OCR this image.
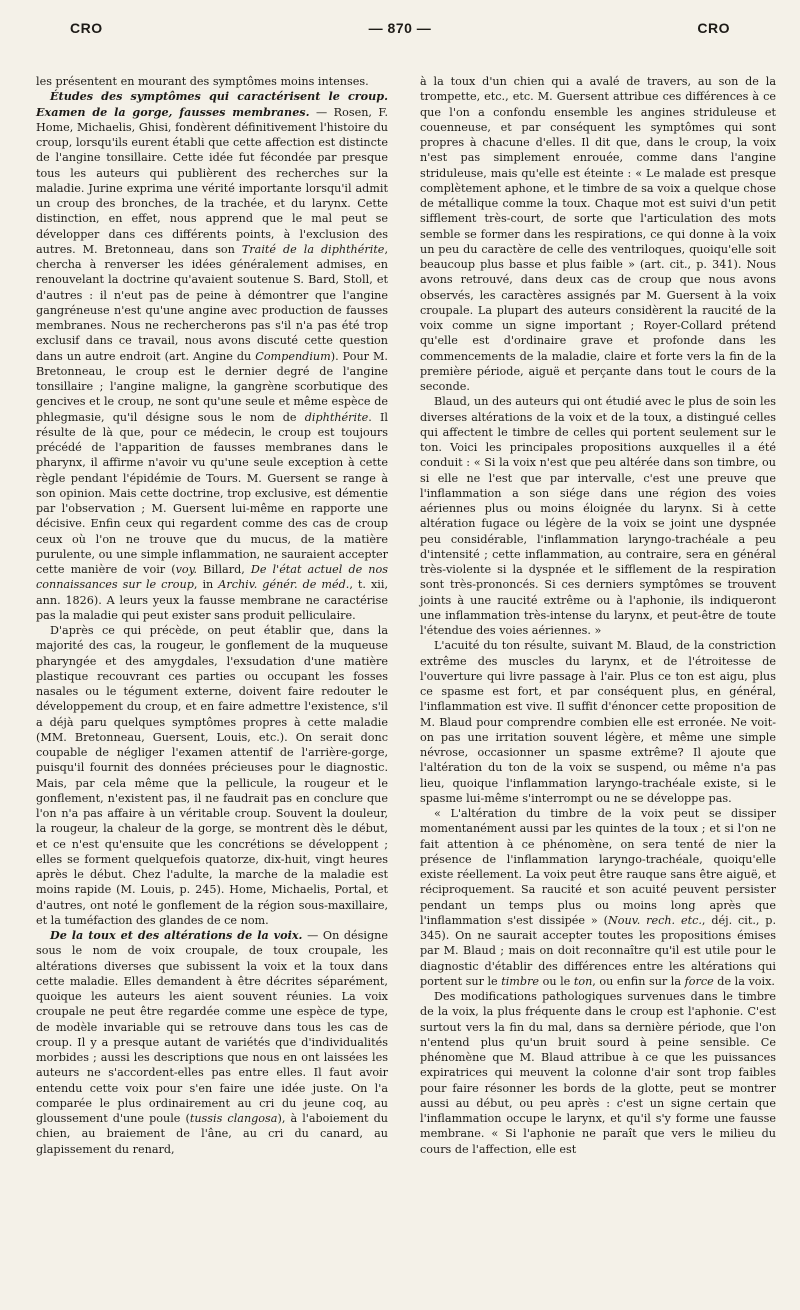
CRO	— 870 —	CRO

les présentent en mourant des symptômes moins intenses.

Études des symptômes qui caractérisent le croup. Examen de la gorge, fausses membranes. — Rosen, F. Home, Michaelis, Ghisi, fondèrent définitivement l'histoire du croup, lorsqu'ils eurent établi que cette affection est distincte de l'angine tonsillaire. Cette idée fut fécondée par presque tous les auteurs qui publièrent des recherches sur la maladie. Jurine exprima une vérité importante lorsqu'il admit un croup des bronches, de la trachée, et du larynx. Cette distinction, en effet, nous apprend que le mal peut se développer dans ces différents points, à l'exclusion des autres. M. Bretonneau, dans son Traité de la diphthérite, chercha à renverser les idées généralement admises, en renouvelant la doctrine qu'avaient soutenue S. Bard, Stoll, et d'autres : il n'eut pas de peine à démontrer que l'angine gangréneuse n'est qu'une angine avec production de fausses membranes. Nous ne rechercherons pas s'il n'a pas été trop exclusif dans ce travail, nous avons discuté cette question dans un autre endroit (art. Angine du Compendium). Pour M. Bretonneau, le croup est le dernier degré de l'angine tonsillaire ; l'angine maligne, la gangrène scorbutique des gencives et le croup, ne sont qu'une seule et même espèce de phlegmasie, qu'il désigne sous le nom de diphthérite. Il résulte de là que, pour ce médecin, le croup est toujours précédé de l'apparition de fausses membranes dans le pharynx, il affirme n'avoir vu qu'une seule exception à cette règle pendant l'épidémie de Tours. M. Guersent se range à son opinion. Mais cette doctrine, trop exclusive, est démentie par l'observation ; M. Guersent lui-même en rapporte une décisive. Enfin ceux qui regardent comme des cas de croup ceux où l'on ne trouve que du mucus, de la matière purulente, ou une simple inflammation, ne sauraient accepter cette manière de voir (voy. Billard, De l'état actuel de nos connaissances sur le croup, in Archiv. génér. de méd., t. xii, ann. 1826). A leurs yeux la fausse membrane ne caractérise pas la maladie qui peut exister sans produit pelliculaire.

D'après ce qui précède, on peut établir que, dans la majorité des cas, la rougeur, le gonflement de la muqueuse pharyngée et des amygdales, l'exsudation d'une matière plastique recouvrant ces parties ou occupant les fosses nasales ou le tégument externe, doivent faire redouter le développement du croup, et en faire admettre l'existence, s'il a déjà paru quelques symptômes propres à cette maladie (MM. Bretonneau, Guersent, Louis, etc.). On serait donc coupable de négliger l'examen attentif de l'arrière-gorge, puisqu'il fournit des données précieuses pour le diagnostic. Mais, par cela même que la pellicule, la rougeur et le gonflement, n'existent pas, il ne faudrait pas en conclure que l'on n'a pas affaire à un véritable croup. Souvent la douleur, la rougeur, la chaleur de la gorge, se montrent dès le début, et ce n'est qu'ensuite que les concrétions se développent ; elles se forment quelquefois quatorze, dix-huit, vingt heures après le début. Chez l'adulte, la marche de la maladie est moins rapide (M. Louis, p. 245). Home, Michaelis, Portal, et d'autres, ont noté le gonflement de la région sous-maxillaire, et la tuméfaction des glandes de ce nom.

De la toux et des altérations de la voix. — On désigne sous le nom de voix croupale, de toux croupale, les altérations diverses que subissent la voix et la toux dans cette maladie. Elles demandent à être décrites séparément, quoique les auteurs les aient souvent réunies. La voix croupale ne peut être regardée comme une espèce de type, de modèle invariable qui se retrouve dans tous les cas de croup. Il y a presque autant de variétés que d'individualités morbides ; aussi les descriptions que nous en ont laissées les auteurs ne s'accordent-elles pas entre elles. Il faut avoir entendu cette voix pour s'en faire une idée juste. On l'a comparée le plus ordinairement au cri du jeune coq, au gloussement d'une poule (tussis clangosa), à l'aboiement du chien, au braiement de l'âne, au cri du canard, au glapissement du renard,

à la toux d'un chien qui a avalé de travers, au son de la trompette, etc., etc. M. Guersent attribue ces différences à ce que l'on a confondu ensemble les angines striduleuse et couenneuse, et par conséquent les symptômes qui sont propres à chacune d'elles. Il dit que, dans le croup, la voix n'est pas simplement enrouée, comme dans l'angine striduleuse, mais qu'elle est éteinte : « Le malade est presque complètement aphone, et le timbre de sa voix a quelque chose de métallique comme la toux. Chaque mot est suivi d'un petit sifflement très-court, de sorte que l'articulation des mots semble se former dans les respirations, ce qui donne à la voix un peu du caractère de celle des ventriloques, quoiqu'elle soit beaucoup plus basse et plus faible » (art. cit., p. 341). Nous avons retrouvé, dans deux cas de croup que nous avons observés, les caractères assignés par M. Guersent à la voix croupale. La plupart des auteurs considèrent la raucité de la voix comme un signe important ; Royer-Collard prétend qu'elle est d'ordinaire grave et profonde dans les commencements de la maladie, claire et forte vers la fin de la première période, aiguë et perçante dans tout le cours de la seconde.

Blaud, un des auteurs qui ont étudié avec le plus de soin les diverses altérations de la voix et de la toux, a distingué celles qui affectent le timbre de celles qui portent seulement sur le ton. Voici les principales propositions auxquelles il a été conduit : « Si la voix n'est que peu altérée dans son timbre, ou si elle ne l'est que par intervalle, c'est une preuve que l'inflammation a son siége dans une région des voies aériennes plus ou moins éloignée du larynx. Si à cette altération fugace ou légère de la voix se joint une dyspnée peu considérable, l'inflammation laryngo-trachéale a peu d'intensité ; cette inflammation, au contraire, sera en général très-violente si la dyspnée et le sifflement de la respiration sont très-prononcés. Si ces derniers symptômes se trouvent joints à une raucité extrême ou à l'aphonie, ils indiqueront une inflammation très-intense du larynx, et peut-être de toute l'étendue des voies aériennes. »

L'acuité du ton résulte, suivant M. Blaud, de la constriction extrême des muscles du larynx, et de l'étroitesse de l'ouverture qui livre passage à l'air. Plus ce ton est aigu, plus ce spasme est fort, et par conséquent plus, en général, l'inflammation est vive. Il suffit d'énoncer cette proposition de M. Blaud pour comprendre combien elle est erronée. Ne voit-on pas une irritation souvent légère, et même une simple névrose, occasionner un spasme extrême? Il ajoute que l'altération du ton de la voix se suspend, ou même n'a pas lieu, quoique l'inflammation laryngo-trachéale existe, si le spasme lui-même s'interrompt ou ne se développe pas.

« L'altération du timbre de la voix peut se dissiper momentanément aussi par les quintes de la toux ; et si l'on ne fait attention à ce phénomène, on sera tenté de nier la présence de l'inflammation laryngo-trachéale, quoiqu'elle existe réellement. La voix peut être rauque sans être aiguë, et réciproquement. Sa raucité et son acuité peuvent persister pendant un temps plus ou moins long après que l'inflammation s'est dissipée » (Nouv. rech. etc., déj. cit., p. 345). On ne saurait accepter toutes les propositions émises par M. Blaud ; mais on doit reconnaître qu'il est utile pour le diagnostic d'établir des différences entre les altérations qui portent sur le timbre ou le ton, ou enfin sur la force de la voix.

Des modifications pathologiques survenues dans le timbre de la voix, la plus fréquente dans le croup est l'aphonie. C'est surtout vers la fin du mal, dans sa dernière période, que l'on n'entend plus qu'un bruit sourd à peine sensible. Ce phénomène que M. Blaud attribue à ce que les puissances expiratrices qui meuvent la colonne d'air sont trop faibles pour faire résonner les bords de la glotte, peut se montrer aussi au début, ou peu après : c'est un signe certain que l'inflammation occupe le larynx, et qu'il s'y forme une fausse membrane. « Si l'aphonie ne paraît que vers le milieu du cours de l'affection, elle est
